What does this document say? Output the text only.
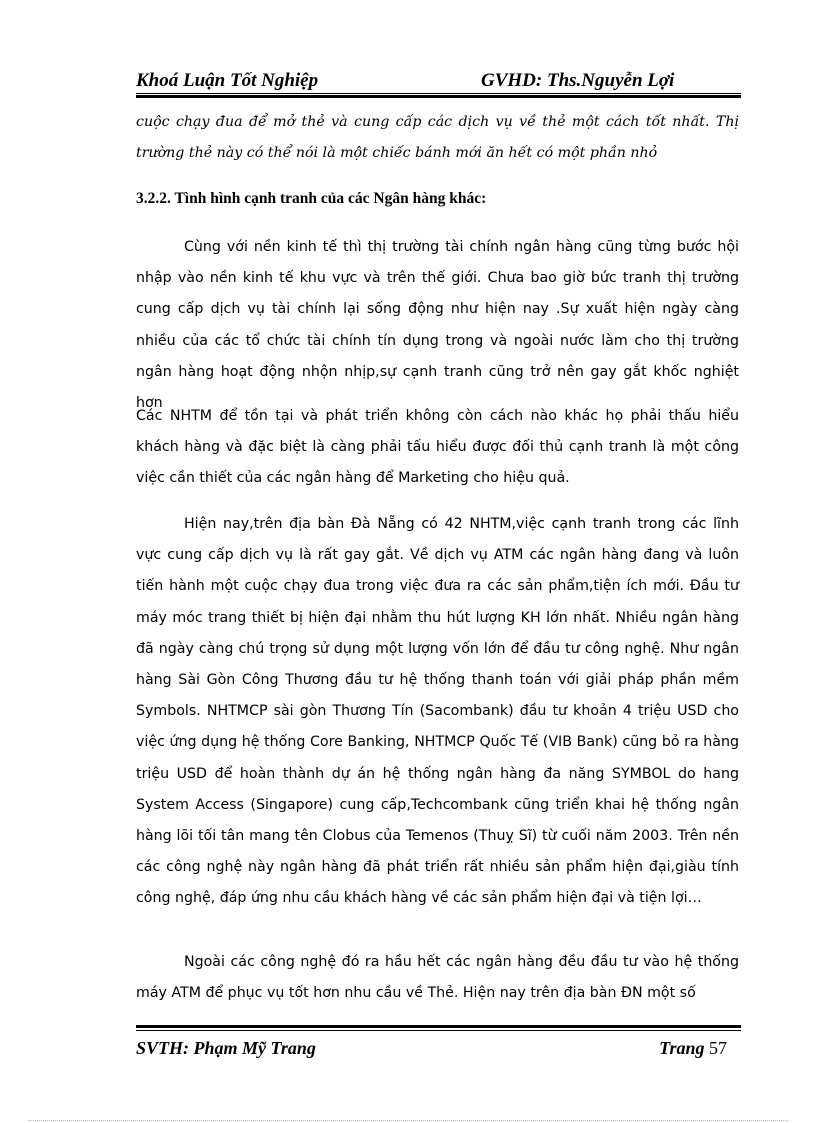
Khoá Luận Tốt Nghiệp	GVHD: Ths.Nguyễn Lợi
cuộc chạy đua để mở thẻ và cung cấp các dịch vụ về thẻ một cách tốt nhất. Thị trường thẻ này có thể nói là một chiếc bánh mới ăn hết có một phần nhỏ
3.2.2. Tình hình cạnh tranh của các Ngân hàng khác:

Cùng với nền kinh tế thì thị trường tài chính ngân hàng cũng từng bước hội nhập vào nền kinh tế khu vực và trên thế giới. Chưa bao giờ bức tranh thị trường cung cấp dịch vụ tài chính lại sống động như hiện nay .Sự xuất hiện ngày càng nhiều của các tổ chức tài chính tín dụng trong và ngoài nước làm cho thị trường ngân hàng hoạt động nhộn nhịp,sự cạnh tranh cũng trở nên gay gắt khốc nghiệt hơn

Các NHTM để tồn tại và phát triển không còn cách nào khác họ phải thấu hiểu khách hàng và đặc biệt là càng phải tấu hiểu được đối thủ cạnh tranh là một công việc cần thiết của các ngân hàng để Marketing cho hiệu quả.

Hiện nay,trên địa bàn Đà Nẵng có 42 NHTM,việc cạnh tranh trong các lĩnh vực cung cấp dịch vụ là rất gay gắt. Về dịch vụ ATM các ngân hàng đang và luôn tiến hành một cuộc chạy đua trong việc đưa ra các sản phẩm,tiện ích mới. Đầu tư máy móc trang thiết bị hiện đại nhằm thu hút lượng KH lớn nhất. Nhiều ngân hàng đã ngày càng chú trọng sử dụng một lượng vốn lớn để đầu tư công nghệ. Như ngân hàng Sài Gòn Công Thương đầu tư hệ thống thanh toán với giải pháp phần mềm Symbols. NHTMCP sài gòn Thương Tín (Sacombank) đầu tư khoản 4 triệu USD cho việc ứng dụng hệ thống Core Banking, NHTMCP Quốc Tế (VIB Bank) cũng bỏ ra hàng triệu USD để hoàn thành dự án hệ thống ngân hàng đa năng SYMBOL do hang System Access (Singapore) cung cấp,Techcombank cũng triển khai hệ thống ngân hàng lõi tối tân mang tên Clobus của Temenos (Thuỵ Sĩ) từ cuối năm 2003. Trên nền các công nghệ này ngân hàng đã phát triển rất nhiều sản phẩm hiện đại,giàu tính công nghệ, đáp ứng nhu cầu khách hàng về các sản phẩm hiện đại và tiện lợi…

Ngoài các công nghệ đó ra hầu hết các ngân hàng đều đầu tư vào hệ thống máy ATM để phục vụ tốt hơn nhu cầu về Thẻ. Hiện nay trên địa bàn ĐN một số

SVTH: Phạm Mỹ Trang	Trang 57
